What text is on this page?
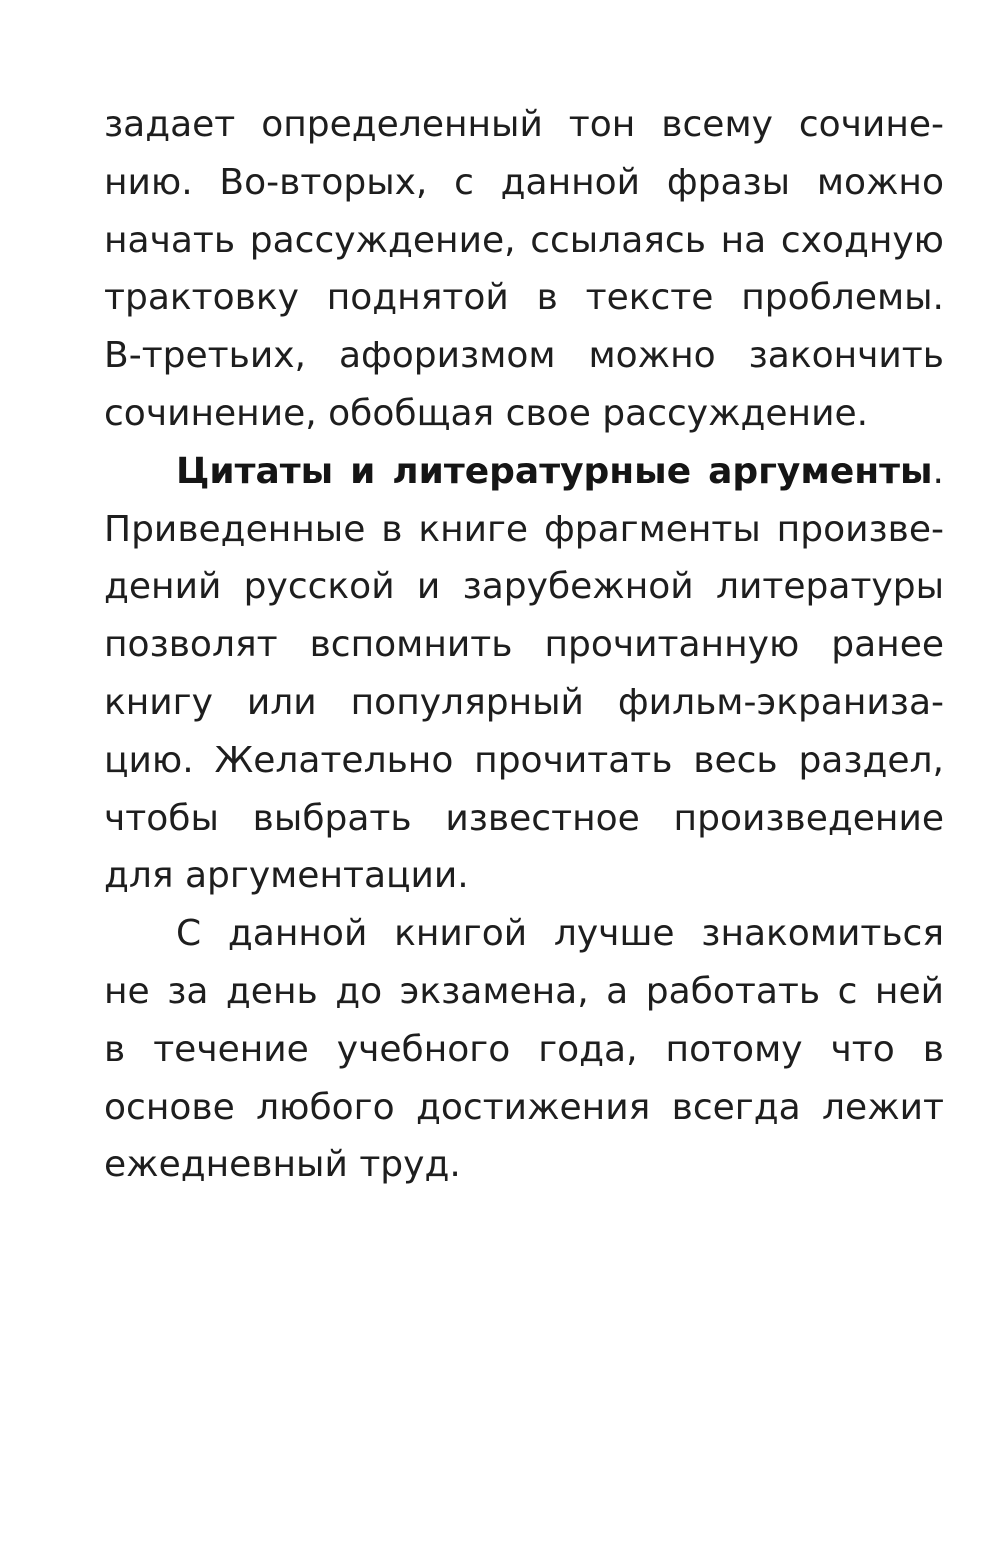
задает определенный тон всему сочине-
нию. Во-вторых, с данной фразы можно
начать рассуждение, ссылаясь на сходную
трактовку поднятой в тексте проблемы.
В-третьих, афоризмом можно закончить
сочинение, обобщая свое рассуждение.
Цитаты и литературные аргументы.
Приведенные в книге фрагменты произве-
дений русской и зарубежной литературы
позволят вспомнить прочитанную ранее
книгу или популярный фильм-экраниза-
цию. Желательно прочитать весь раздел,
чтобы выбрать известное произведение
для аргументации.
С данной книгой лучше знакомиться
не за день до экзамена, а работать с ней
в течение учебного года, потому что в
основе любого достижения всегда лежит
ежедневный труд.
